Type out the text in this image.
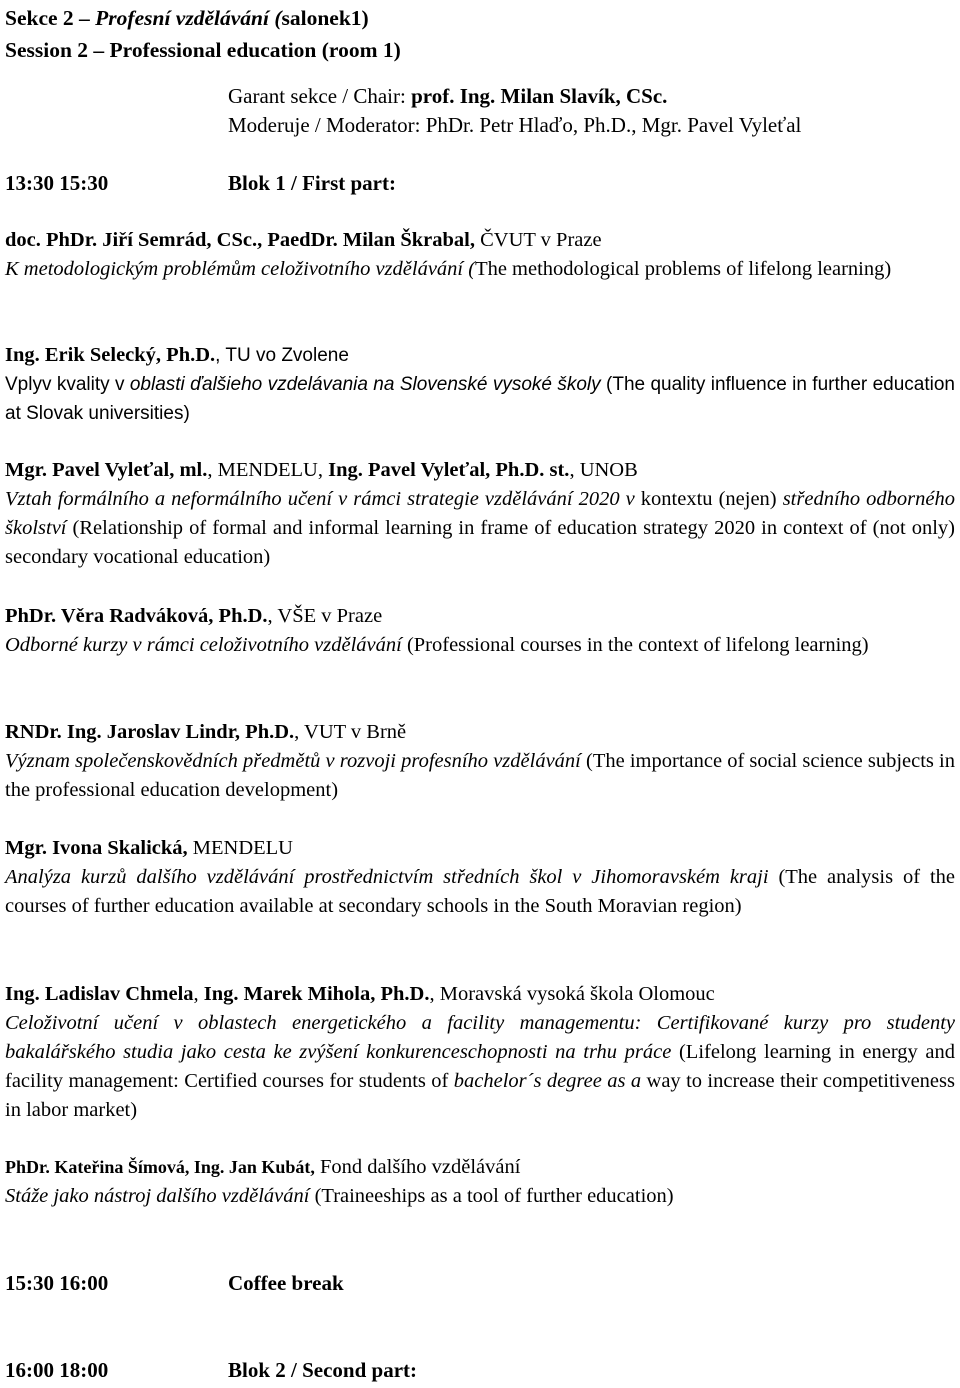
Sekce 2 – Profesní vzdělávání (salonek1)

Session 2 – Professional education (room 1)

Garant sekce / Chair: prof. Ing. Milan Slavík, CSc.
Moderuje / Moderator: PhDr. Petr Hlaďo, Ph.D., Mgr. Pavel Vyleťal
13:30 15:30	Blok 1 / First part:
doc. PhDr. Jiří Semrád, CSc., PaedDr. Milan Škrabal, ČVUT v Praze
K metodologickým problémům celoživotního vzdělávání (The methodological problems of lifelong learning)
Ing. Erik Selecký, Ph.D., TU vo Zvolene
Vplyv kvality v oblasti ďalšieho vzdelávania na Slovenské vysoké školy (The quality influence in further education at Slovak universities)
Mgr. Pavel Vyleťal, ml., MENDELU, Ing. Pavel Vyleťal, Ph.D. st., UNOB
Vztah formálního a neformálního učení v rámci strategie vzdělávání 2020 v kontextu (nejen) středního odborného školství (Relationship of formal and informal learning in frame of education strategy 2020 in context of (not only) secondary vocational education)
PhDr. Věra Radváková, Ph.D., VŠE v Praze
Odborné kurzy v rámci celoživotního vzdělávání (Professional courses in the context of lifelong learning)
RNDr. Ing. Jaroslav Lindr, Ph.D., VUT v Brně
Význam společenskovědních předmětů v rozvoji profesního vzdělávání (The importance of social science subjects in the professional education development)
Mgr. Ivona Skalická, MENDELU
Analýza kurzů dalšího vzdělávání prostřednictvím středních škol v Jihomoravském kraji (The analysis of the courses of further education available at secondary schools in the South Moravian region)
Ing. Ladislav Chmela, Ing. Marek Mihola, Ph.D., Moravská vysoká škola Olomouc
Celoživotní učení v oblastech energetického a facility managementu: Certifikované kurzy pro studenty bakalářského studia jako cesta ke zvýšení konkurenceschopnosti na trhu práce (Lifelong learning in energy and facility management: Certified courses for students of bachelor´s degree as a way to increase their competitiveness in labor market)
PhDr. Kateřina Šímová, Ing. Jan Kubát, Fond dalšího vzdělávání
Stáže jako nástroj dalšího vzdělávání (Traineeships as a tool of further education)
15:30 16:00	Coffee break
16:00 18:00	Blok 2 / Second part:
